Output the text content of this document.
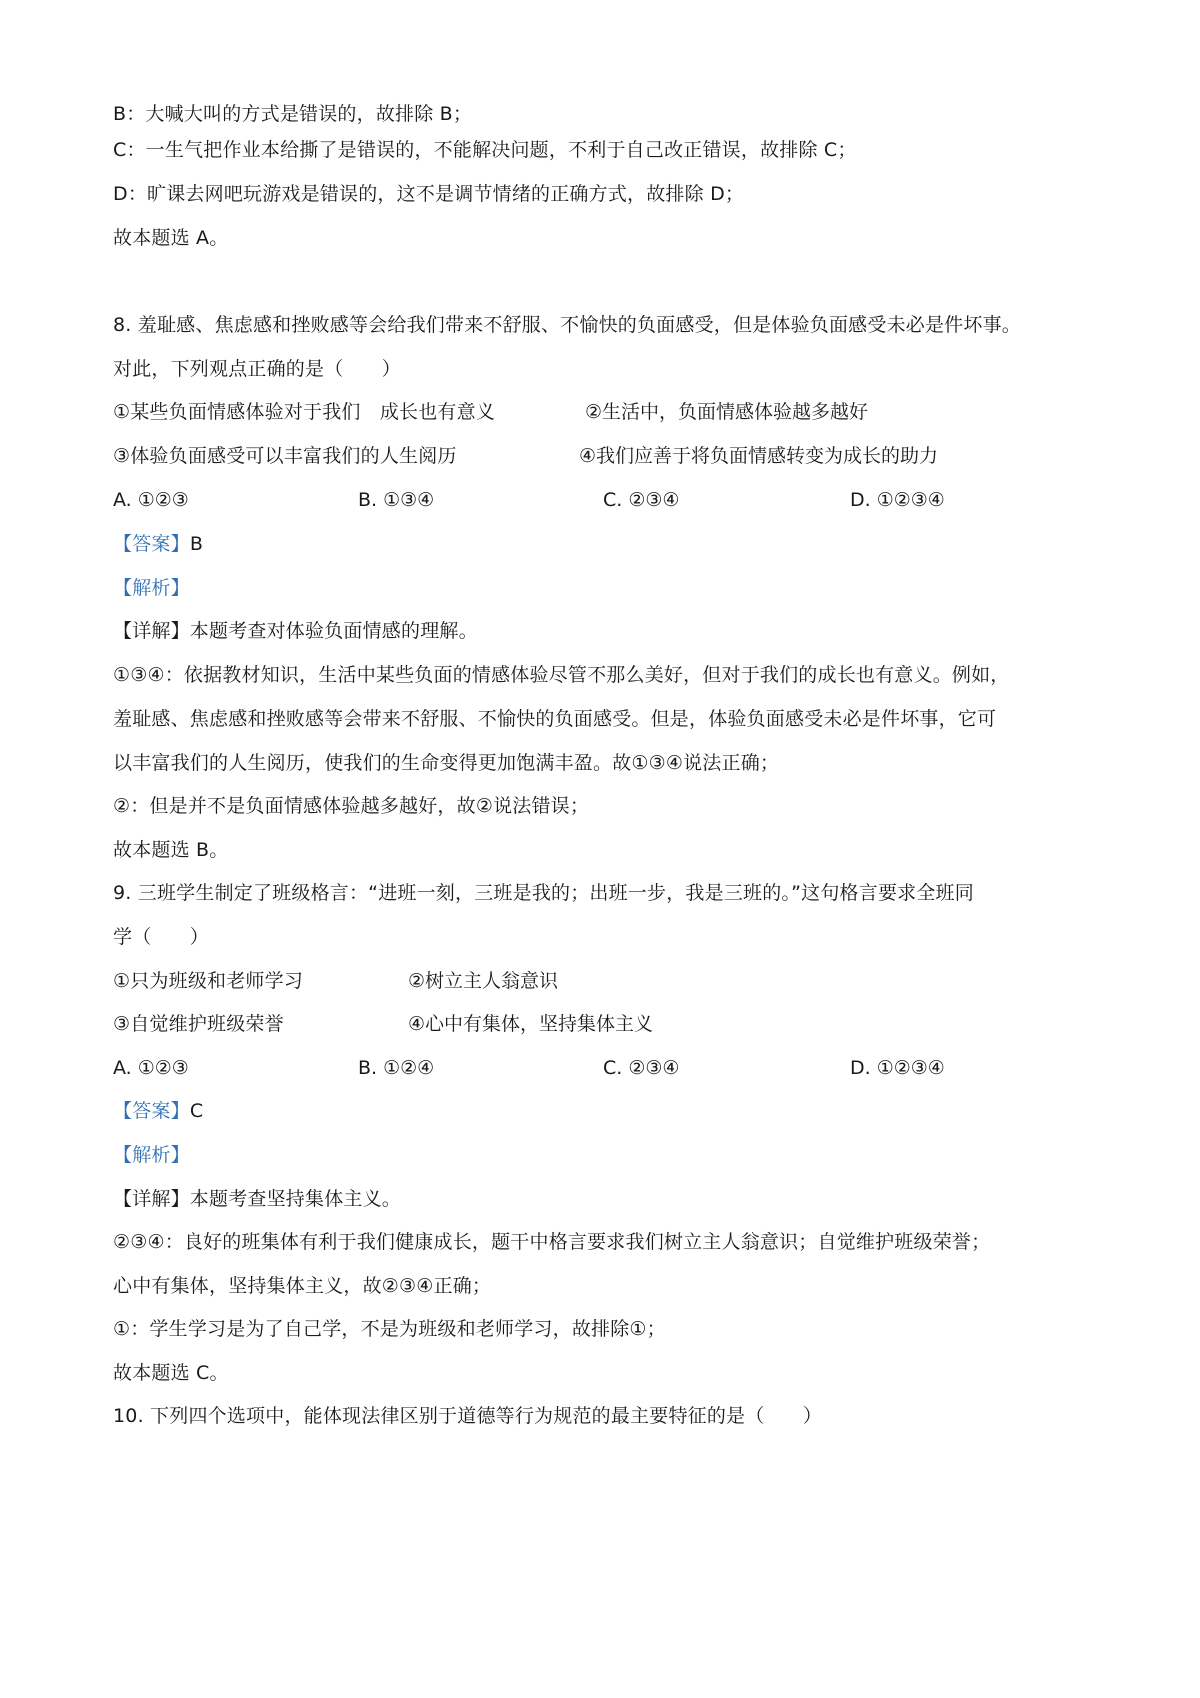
B：大喊大叫的方式是错误的，故排除 B；
C：一生气把作业本给撕了是错误的，不能解决问题，不利于自己改正错误，故排除 C；
D：旷课去网吧玩游戏是错误的，这不是调节情绪的正确方式，故排除 D；
故本题选 A。
8. 羞耻感、焦虑感和挫败感等会给我们带来不舒服、不愉快的负面感受，但是体验负面感受未必是件坏事。
对此，下列观点正确的是（　　）
①某些负面情感体验对于我们　成长也有意义	②生活中，负面情感体验越多越好
③体验负面感受可以丰富我们的人生阅历	④我们应善于将负面情感转变为成长的助力
A. ①②③	B. ①③④	C. ②③④	D. ①②③④
【答案】B
【解析】
【详解】本题考查对体验负面情感的理解。
①③④：依据教材知识，生活中某些负面的情感体验尽管不那么美好，但对于我们的成长也有意义。例如，
羞耻感、焦虑感和挫败感等会带来不舒服、不愉快的负面感受。但是，体验负面感受未必是件坏事，它可
以丰富我们的人生阅历，使我们的生命变得更加饱满丰盈。故①③④说法正确；
②：但是并不是负面情感体验越多越好，故②说法错误；
故本题选 B。
9. 三班学生制定了班级格言：“进班一刻，三班是我的；出班一步，我是三班的。”这句格言要求全班同
学（　　）
①只为班级和老师学习	②树立主人翁意识
③自觉维护班级荣誉	④心中有集体，坚持集体主义
A. ①②③	B. ①②④	C. ②③④	D. ①②③④
【答案】C
【解析】
【详解】本题考查坚持集体主义。
②③④：良好的班集体有利于我们健康成长，题干中格言要求我们树立主人翁意识；自觉维护班级荣誉；
心中有集体，坚持集体主义，故②③④正确；
①：学生学习是为了自己学，不是为班级和老师学习，故排除①；
故本题选 C。
10. 下列四个选项中，能体现法律区别于道德等行为规范的最主要特征的是（　　）
